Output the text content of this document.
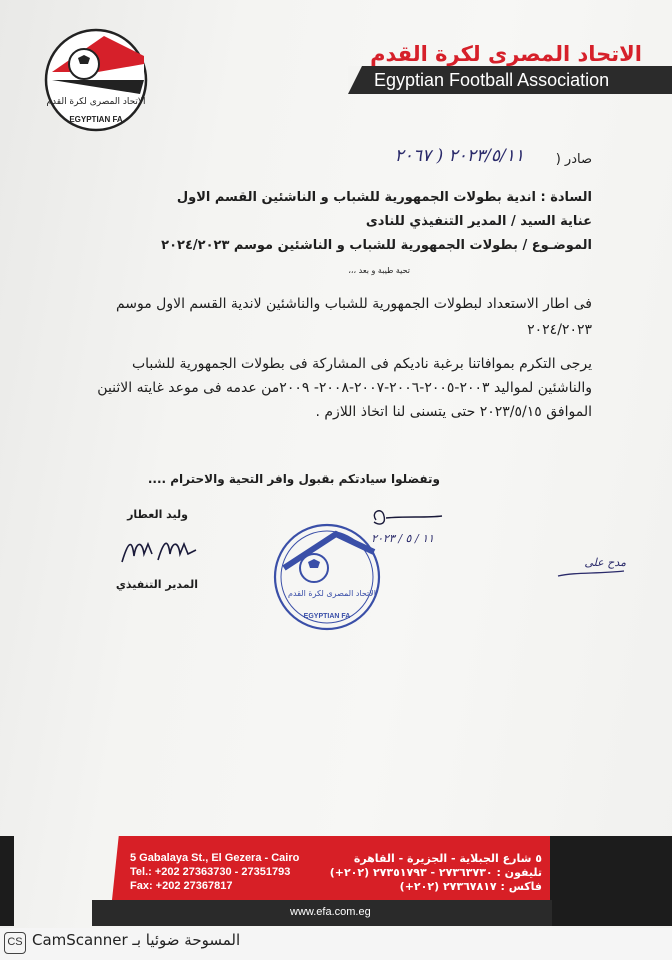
الاتحاد المصرى لكرة القدم
EGYPTIAN FA
الاتحاد المصرى لكرة القدم
Egyptian Football Association
صادر (
٢٠٢٣/٥/١١ ( ٢٠٦٧
السادة : اندية بطولات الجمهورية للشباب و الناشئين القسم الاول
عناية السيد / المدير التنفيذي للنادى
الموضـوع / بطولات الجمهورية للشباب و الناشئين موسم ٢٠٢٤/٢٠٢٣
تحية طيبة و بعد ،،،
فى اطار الاستعداد لبطولات الجمهورية للشباب والناشئين لاندية القسم الاول موسم
٢٠٢٤/٢٠٢٣
يرجى التكرم بموافاتنا برغبة ناديكم فى المشاركة فى بطولات الجمهورية للشباب
والناشئين لمواليد ٢٠٠٣-٢٠٠٥-٢٠٠٦-٢٠٠٧-٢٠٠٨- ٢٠٠٩من عدمه فى موعد غايته الاثنين
الموافق ٢٠٢٣/٥/١٥ حتى يتسنى لنا اتخاذ اللازم .
وتفضلوا سيادتكم بقبول وافر التحية والاحترام ....
وليد العطار
المدير التنفيذي
١١ / ٥ / ٢٠٢٣
مدح على
الاتحاد المصرى لكرة القدم
EGYPTIAN FA
5 Gabalaya St., El Gezera - Cairo
Tel.: +202 27363730 - 27351793
Fax: +202 27367817
٥ شارع الجبلاية - الجزيرة - القاهرة
تليفون : ٢٧٣٦٣٧٣٠ - ٢٧٣٥١٧٩٣ (٢٠٢+)
فاكس : ٢٧٣٦٧٨١٧ (٢٠٢+)
www.efa.com.eg
CS المسوحة ضوئيا بـ CamScanner
